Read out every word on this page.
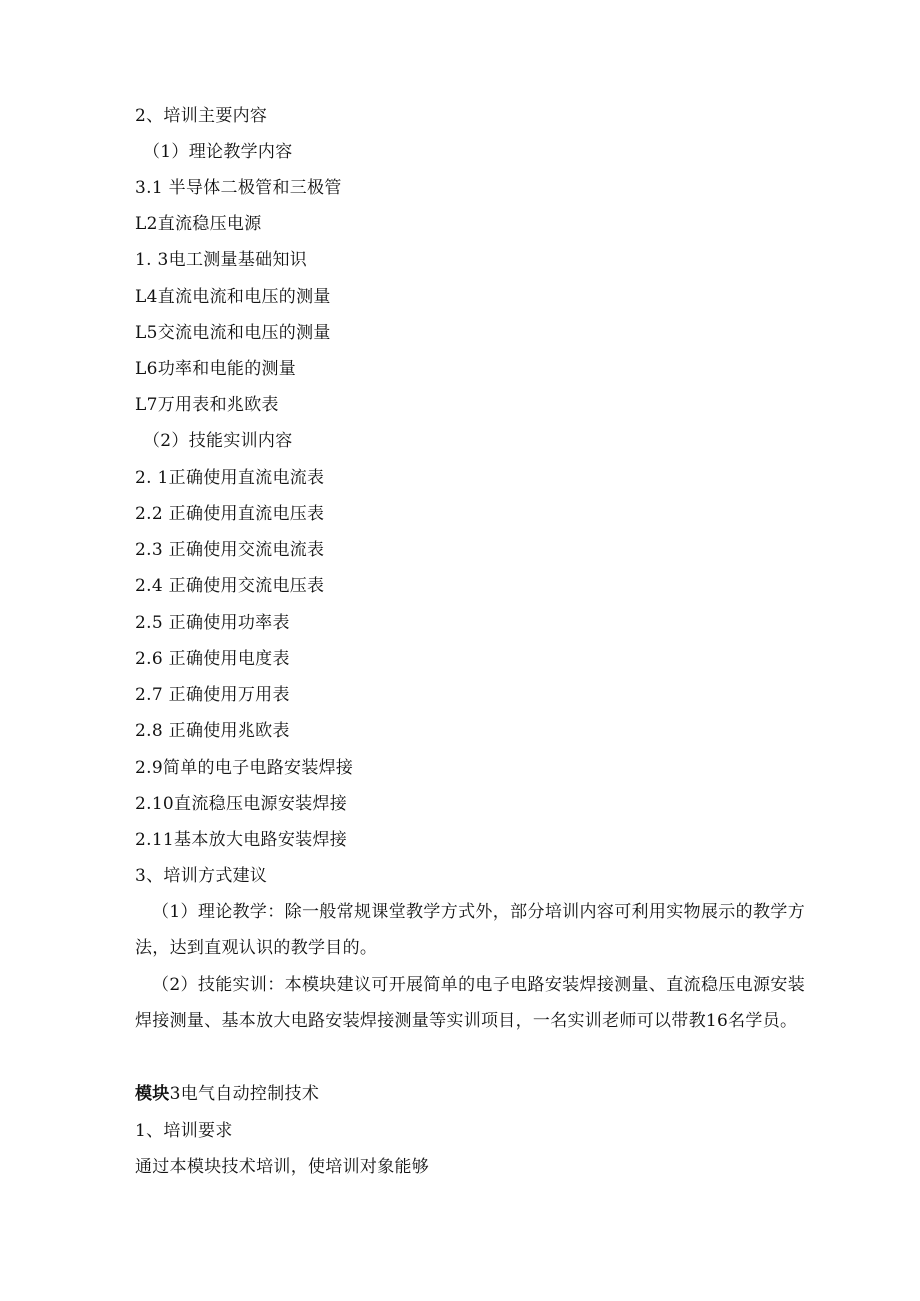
2、培训主要内容
（1）理论教学内容
3.1 半导体二极管和三极管
L2直流稳压电源
1. 3电工测量基础知识
L4直流电流和电压的测量
L5交流电流和电压的测量
L6功率和电能的测量
L7万用表和兆欧表
（2）技能实训内容
2. 1正确使用直流电流表
2.2 正确使用直流电压表
2.3 正确使用交流电流表
2.4 正确使用交流电压表
2.5 正确使用功率表
2.6 正确使用电度表
2.7 正确使用万用表
2.8 正确使用兆欧表
2.9简单的电子电路安装焊接
2.10直流稳压电源安装焊接
2.11基本放大电路安装焊接
3、培训方式建议
（1）理论教学：除一般常规课堂教学方式外，部分培训内容可利用实物展示的教学方法，达到直观认识的教学目的。
（2）技能实训：本模块建议可开展简单的电子电路安装焊接测量、直流稳压电源安装焊接测量、基本放大电路安装焊接测量等实训项目，一名实训老师可以带教16名学员。
模块3电气自动控制技术
1、培训要求
通过本模块技术培训，使培训对象能够
